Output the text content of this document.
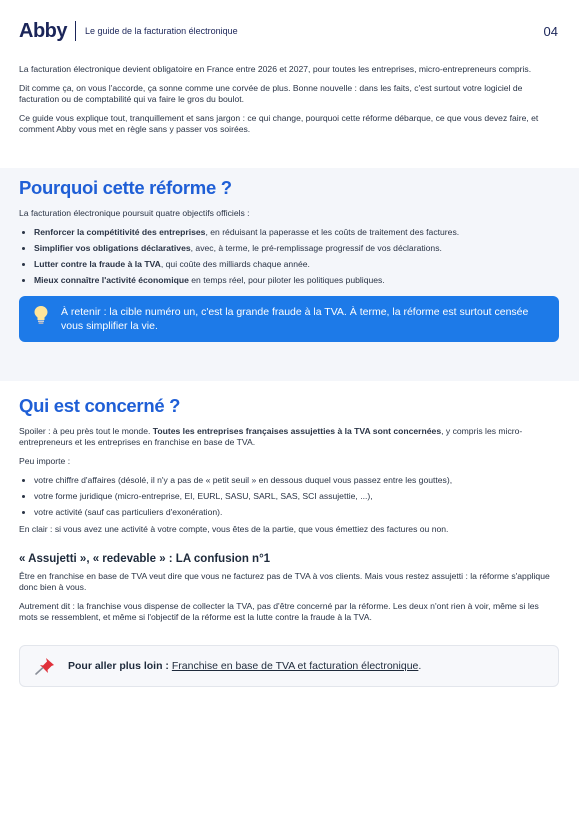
Abby Le guide de la facturation électronique	04

La facturation électronique devient obligatoire en France entre 2026 et 2027, pour toutes les entreprises, micro-entrepreneurs compris.

Dit comme ça, on vous l'accorde, ça sonne comme une corvée de plus. Bonne nouvelle : dans les faits, c'est surtout votre logiciel de facturation ou de comptabilité qui va faire le gros du boulot.

Ce guide vous explique tout, tranquillement et sans jargon : ce qui change, pourquoi cette réforme débarque, ce que vous devez faire, et comment Abby vous met en règle sans y passer vos soirées.

Pourquoi cette réforme ?

La facturation électronique poursuit quatre objectifs officiels :

• Renforcer la compétitivité des entreprises, en réduisant la paperasse et les coûts de traitement des factures.
• Simplifier vos obligations déclaratives, avec, à terme, le pré-remplissage progressif de vos déclarations.
• Lutter contre la fraude à la TVA, qui coûte des milliards chaque année.
• Mieux connaître l'activité économique en temps réel, pour piloter les politiques publiques.
À retenir : la cible numéro un, c'est la grande fraude à la TVA. À terme, la réforme est surtout censée vous simplifier la vie.
Qui est concerné ?

Spoiler : à peu près tout le monde. Toutes les entreprises françaises assujetties à la TVA sont concernées, y compris les micro-entrepreneurs et les entreprises en franchise en base de TVA.

Peu importe :

• votre chiffre d'affaires (désolé, il n'y a pas de « petit seuil » en dessous duquel vous passez entre les gouttes),
• votre forme juridique (micro-entreprise, EI, EURL, SASU, SARL, SAS, SCI assujettie, ...),
• votre activité (sauf cas particuliers d'exonération).

En clair : si vous avez une activité à votre compte, vous êtes de la partie, que vous émettiez des factures ou non.

« Assujetti », « redevable » : LA confusion n°1

Être en franchise en base de TVA veut dire que vous ne facturez pas de TVA à vos clients. Mais vous restez assujetti : la réforme s'applique donc bien à vous.

Autrement dit : la franchise vous dispense de collecter la TVA, pas d'être concerné par la réforme. Les deux n'ont rien à voir, même si les mots se ressemblent, et même si l'objectif de la réforme est la lutte contre la fraude à la TVA.

Pour aller plus loin : Franchise en base de TVA et facturation électronique.
